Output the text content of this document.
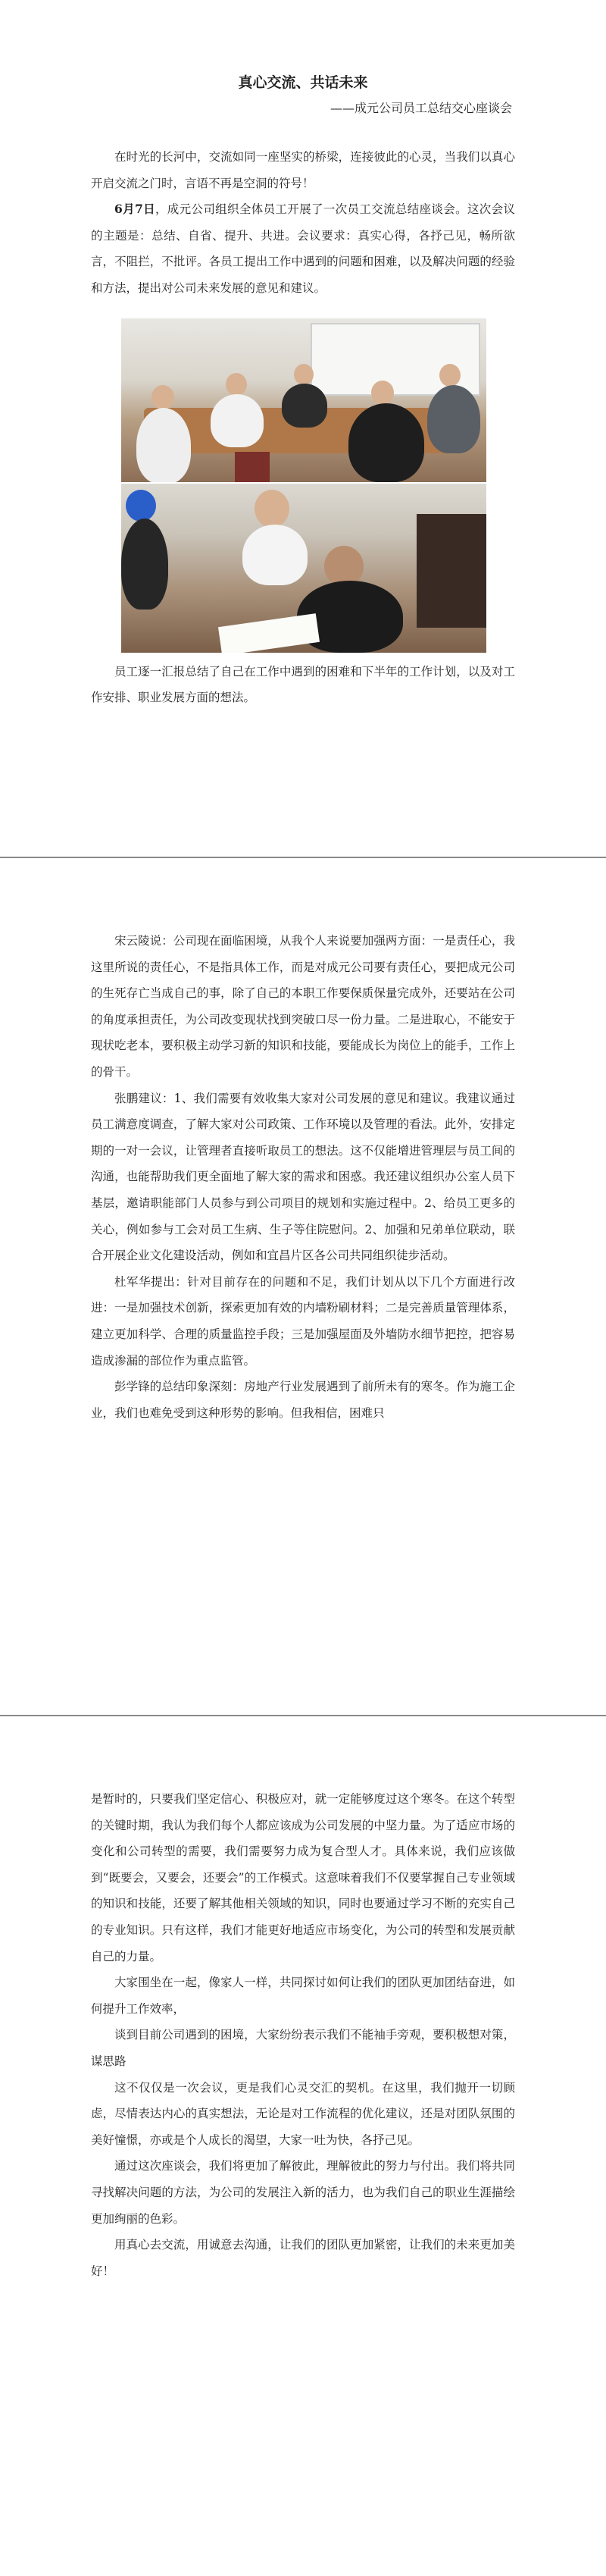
真心交流、共话未来

——成元公司员工总结交心座谈会

在时光的长河中，交流如同一座坚实的桥梁，连接彼此的心灵，当我们以真心开启交流之门时，言语不再是空洞的符号！

6月7日，成元公司组织全体员工开展了一次员工交流总结座谈会。这次会议的主题是：总结、自省、提升、共进。会议要求：真实心得，各抒己见，畅所欲言，不阻拦，不批评。各员工提出工作中遇到的问题和困难，以及解决问题的经验和方法，提出对公司未来发展的意见和建议。

员工逐一汇报总结了自己在工作中遇到的困难和下半年的工作计划，以及对工作安排、职业发展方面的想法。

宋云陵说：公司现在面临困境，从我个人来说要加强两方面：一是责任心，我这里所说的责任心，不是指具体工作，而是对成元公司要有责任心，要把成元公司的生死存亡当成自己的事，除了自己的本职工作要保质保量完成外，还要站在公司的角度承担责任，为公司改变现状找到突破口尽一份力量。二是进取心，不能安于现状吃老本，要积极主动学习新的知识和技能，要能成长为岗位上的能手，工作上的骨干。

张鹏建议：1、我们需要有效收集大家对公司发展的意见和建议。我建议通过员工满意度调查，了解大家对公司政策、工作环境以及管理的看法。此外，安排定期的一对一会议，让管理者直接听取员工的想法。这不仅能增进管理层与员工间的沟通，也能帮助我们更全面地了解大家的需求和困惑。我还建议组织办公室人员下基层，邀请职能部门人员参与到公司项目的规划和实施过程中。2、给员工更多的关心，例如参与工会对员工生病、生子等住院慰问。2、加强和兄弟单位联动，联合开展企业文化建设活动，例如和宜昌片区各公司共同组织徒步活动。

杜军华提出：针对目前存在的问题和不足，我们计划从以下几个方面进行改进：一是加强技术创新，探索更加有效的内墙粉刷材料；二是完善质量管理体系，建立更加科学、合理的质量监控手段；三是加强屋面及外墙防水细节把控，把容易造成渗漏的部位作为重点监管。

彭学锋的总结印象深刻：房地产行业发展遇到了前所未有的寒冬。作为施工企业，我们也难免受到这种形势的影响。但我相信，困难只

是暂时的，只要我们坚定信心、积极应对，就一定能够度过这个寒冬。在这个转型的关键时期，我认为我们每个人都应该成为公司发展的中坚力量。为了适应市场的变化和公司转型的需要，我们需要努力成为复合型人才。具体来说，我们应该做到“既要会，又要会，还要会”的工作模式。这意味着我们不仅要掌握自己专业领域的知识和技能，还要了解其他相关领域的知识，同时也要通过学习不断的充实自己的专业知识。只有这样，我们才能更好地适应市场变化，为公司的转型和发展贡献自己的力量。

大家围坐在一起，像家人一样，共同探讨如何让我们的团队更加团结奋进，如何提升工作效率，

谈到目前公司遇到的困境，大家纷纷表示我们不能袖手旁观，要积极想对策，谋思路

这不仅仅是一次会议，更是我们心灵交汇的契机。在这里，我们抛开一切顾虑，尽情表达内心的真实想法，无论是对工作流程的优化建议，还是对团队氛围的美好憧憬，亦或是个人成长的渴望，大家一吐为快，各抒己见。

通过这次座谈会，我们将更加了解彼此，理解彼此的努力与付出。我们将共同寻找解决问题的方法，为公司的发展注入新的活力，也为我们自己的职业生涯描绘更加绚丽的色彩。

用真心去交流，用诚意去沟通，让我们的团队更加紧密，让我们的未来更加美好！
